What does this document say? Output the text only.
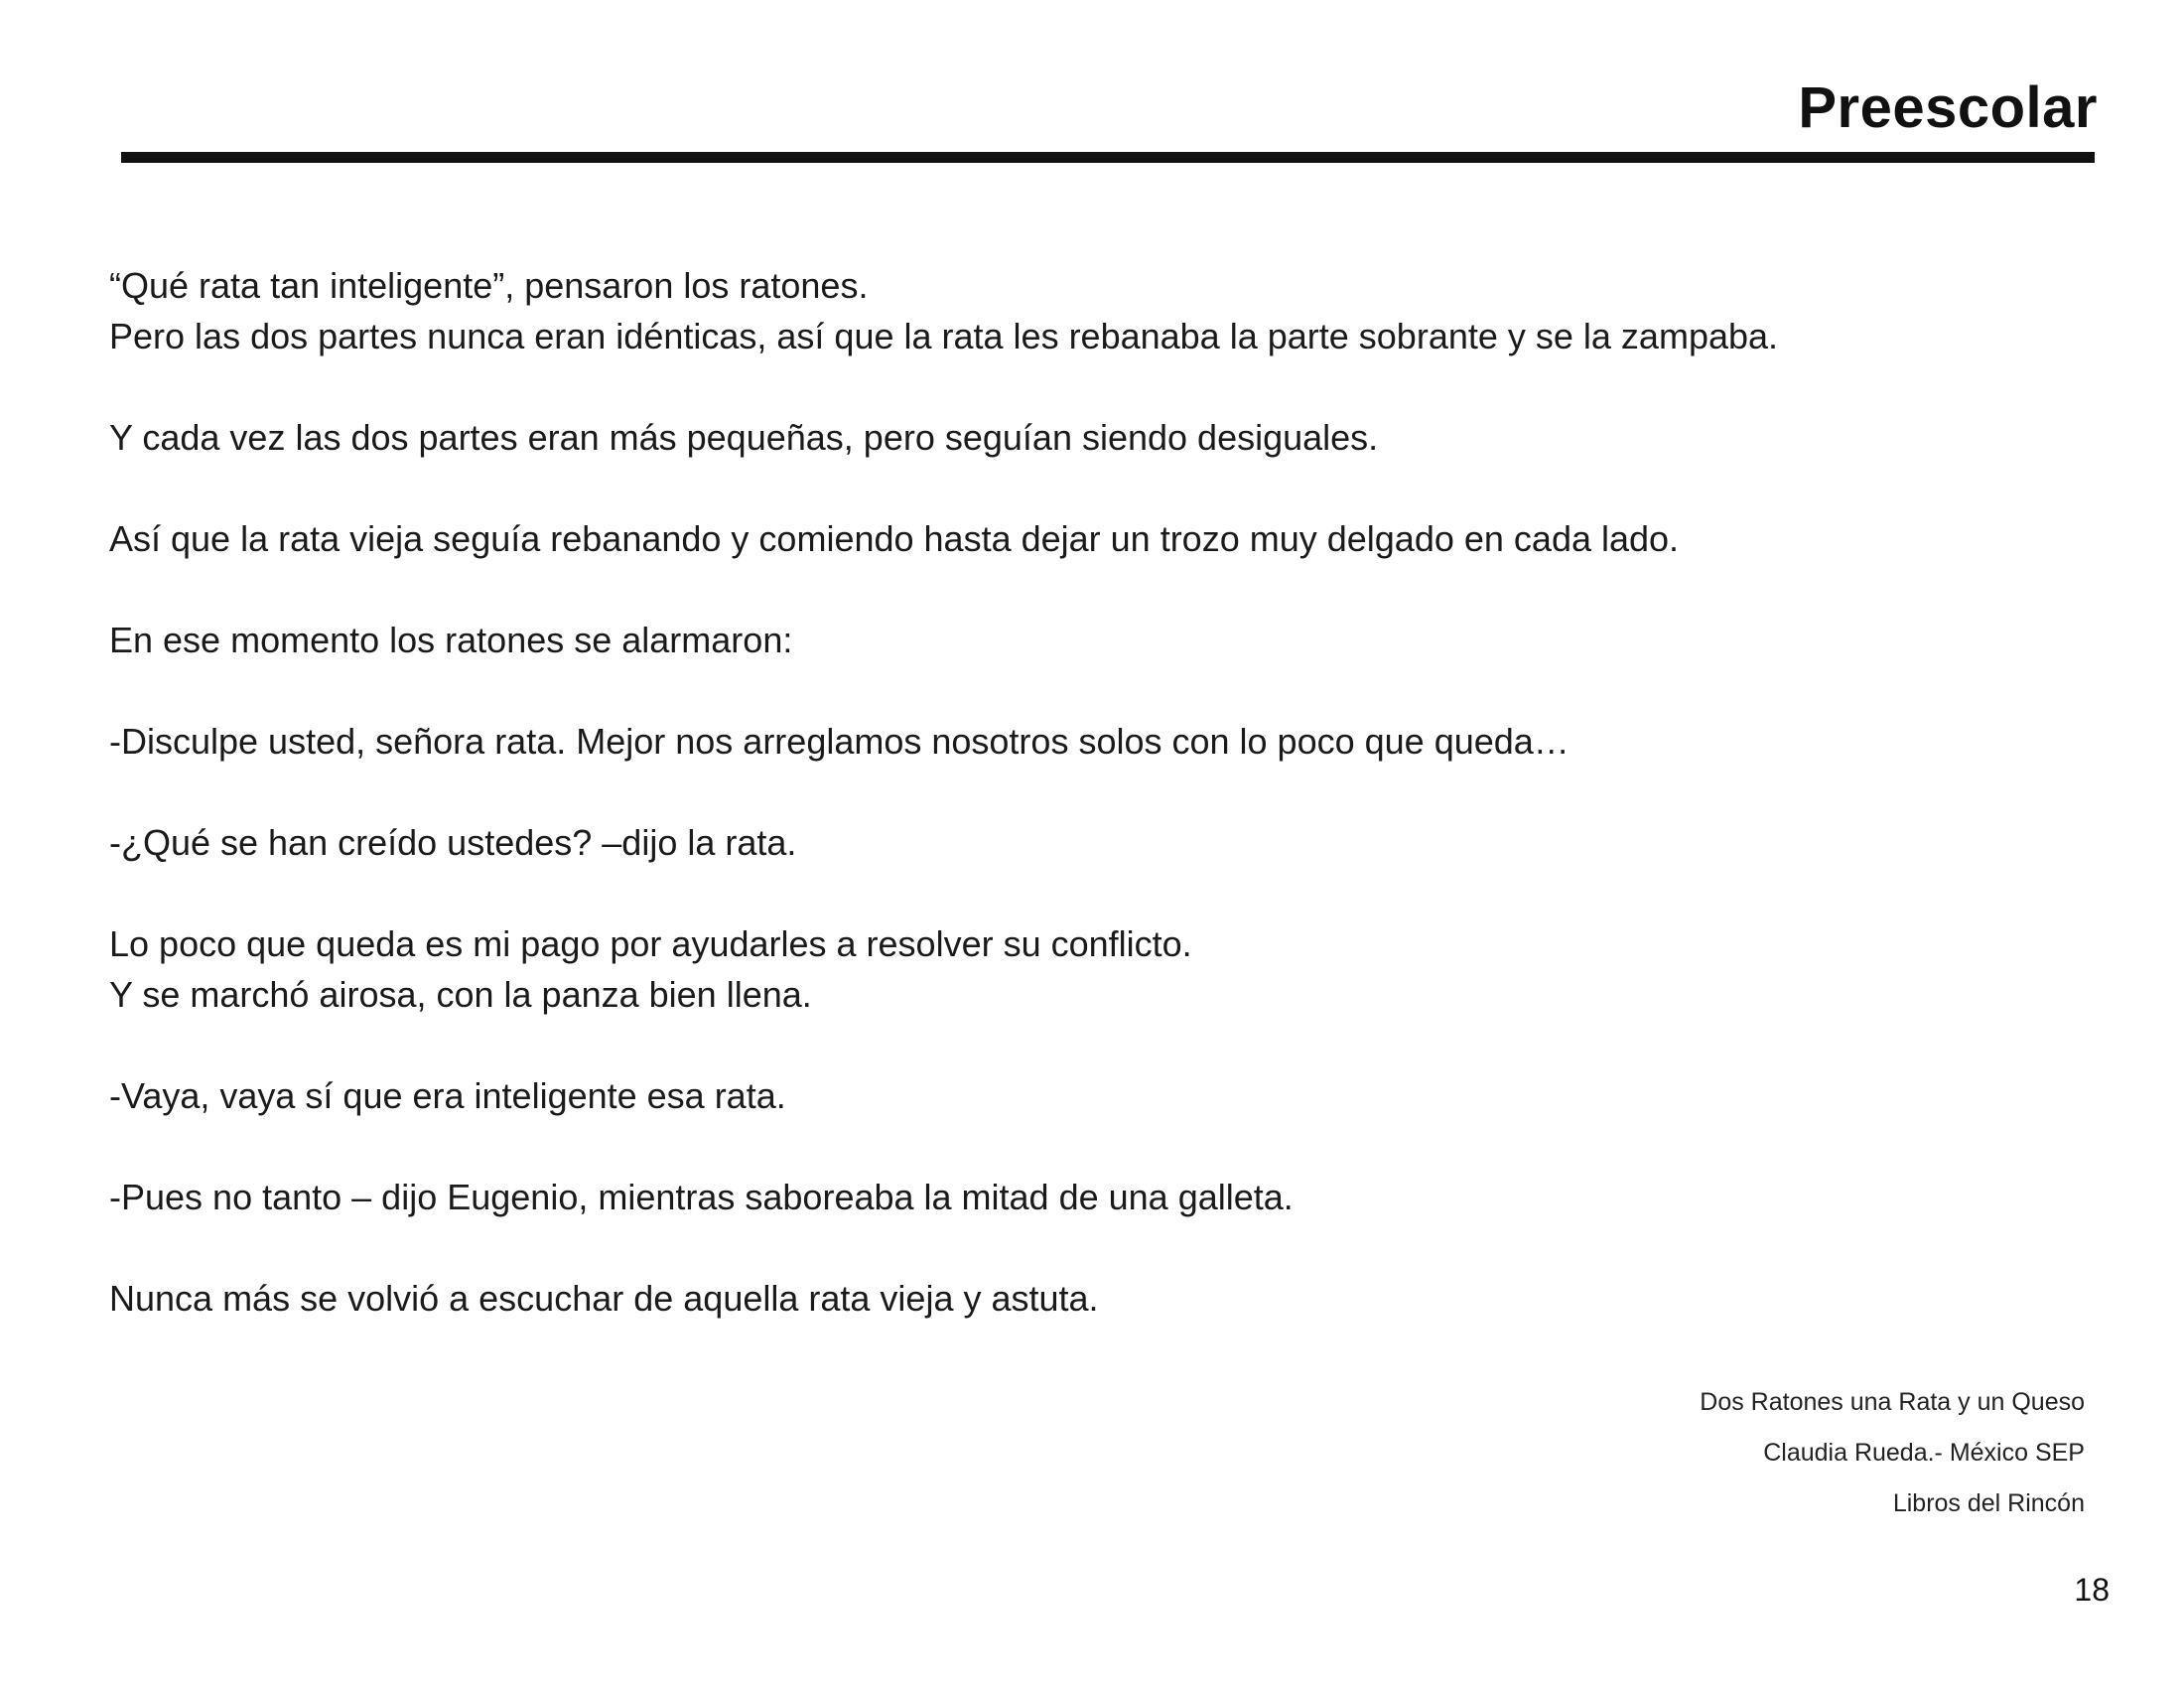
Preescolar

“Qué rata tan inteligente”, pensaron los ratones.

Pero las dos partes nunca eran idénticas, así que la rata les rebanaba la parte sobrante y se la zampaba.

Y cada vez las dos partes eran más pequeñas, pero seguían siendo desiguales.

Así que la rata vieja seguía rebanando y comiendo hasta dejar un trozo muy delgado en cada lado.

En ese momento los ratones se alarmaron:

-Disculpe usted, señora rata. Mejor nos arreglamos nosotros solos con lo poco que queda…

-¿Qué se han creído ustedes? –dijo la rata.

Lo poco que queda es mi pago por ayudarles a resolver su conflicto.

Y se marchó airosa, con la panza bien llena.

-Vaya, vaya sí que era inteligente esa rata.

-Pues no tanto – dijo Eugenio, mientras saboreaba la mitad de una galleta.

Nunca más se volvió a escuchar de aquella rata vieja y astuta.

Dos Ratones una Rata y un Queso

Claudia Rueda.- México SEP

Libros del Rincón

18
